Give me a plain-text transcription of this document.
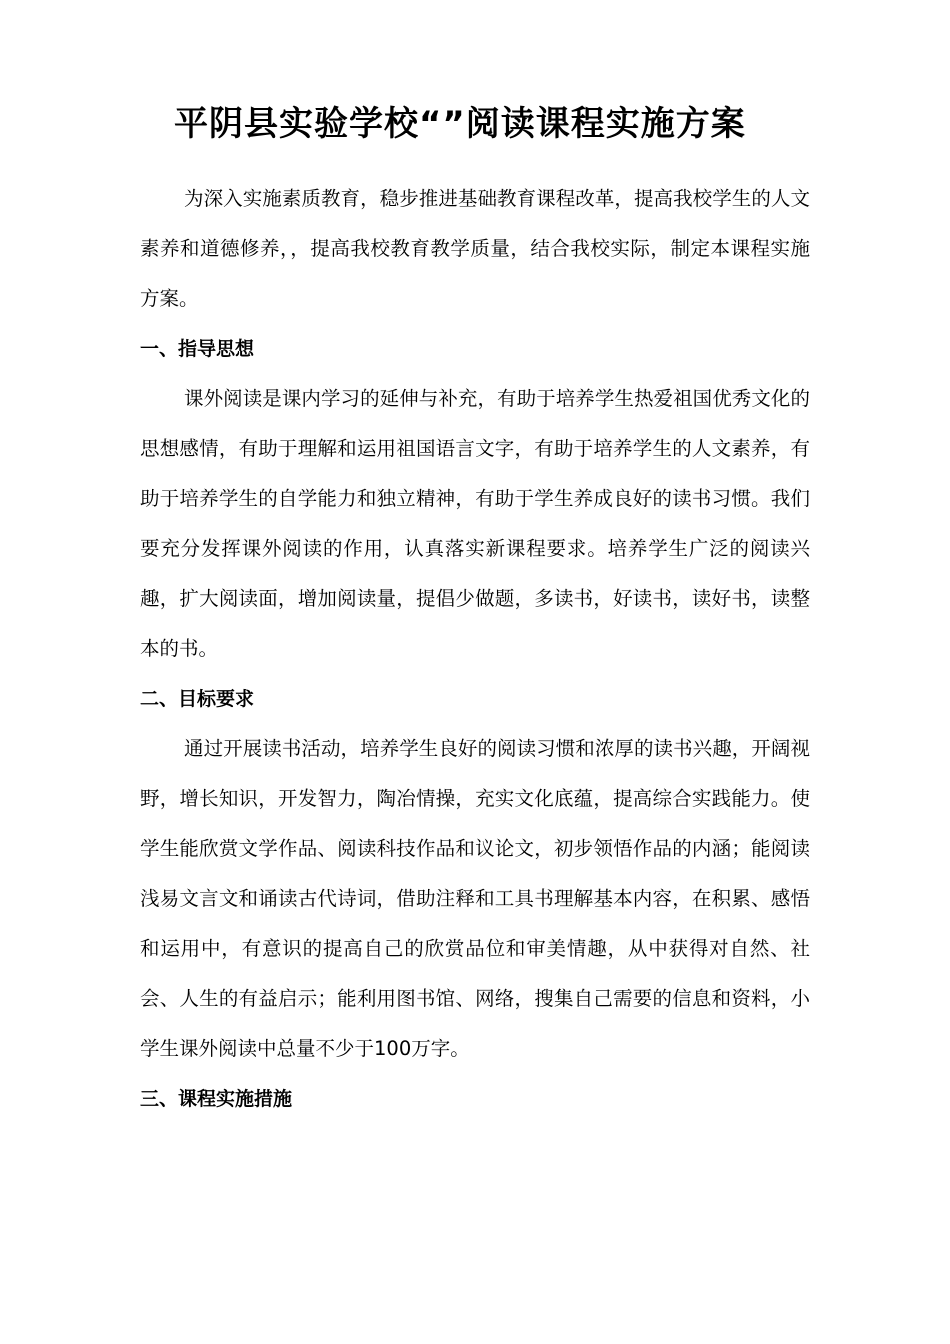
平阴县实验学校“”阅读课程实施方案

为深入实施素质教育，稳步推进基础教育课程改革，提高我校学生的人文素养和道德修养，，提高我校教育教学质量，结合我校实际，制定本课程实施方案。

一、指导思想

课外阅读是课内学习的延伸与补充，有助于培养学生热爱祖国优秀文化的思想感情，有助于理解和运用祖国语言文字，有助于培养学生的人文素养，有助于培养学生的自学能力和独立精神，有助于学生养成良好的读书习惯。我们要充分发挥课外阅读的作用，认真落实新课程要求。培养学生广泛的阅读兴趣，扩大阅读面，增加阅读量，提倡少做题，多读书，好读书，读好书，读整本的书。

二、目标要求

通过开展读书活动，培养学生良好的阅读习惯和浓厚的读书兴趣，开阔视野，增长知识，开发智力，陶冶情操，充实文化底蕴，提高综合实践能力。使学生能欣赏文学作品、阅读科技作品和议论文，初步领悟作品的内涵；能阅读浅易文言文和诵读古代诗词，借助注释和工具书理解基本内容，在积累、感悟和运用中，有意识的提高自己的欣赏品位和审美情趣，从中获得对自然、社会、人生的有益启示；能利用图书馆、网络，搜集自己需要的信息和资料，小学生课外阅读中总量不少于100万字。

三、课程实施措施
